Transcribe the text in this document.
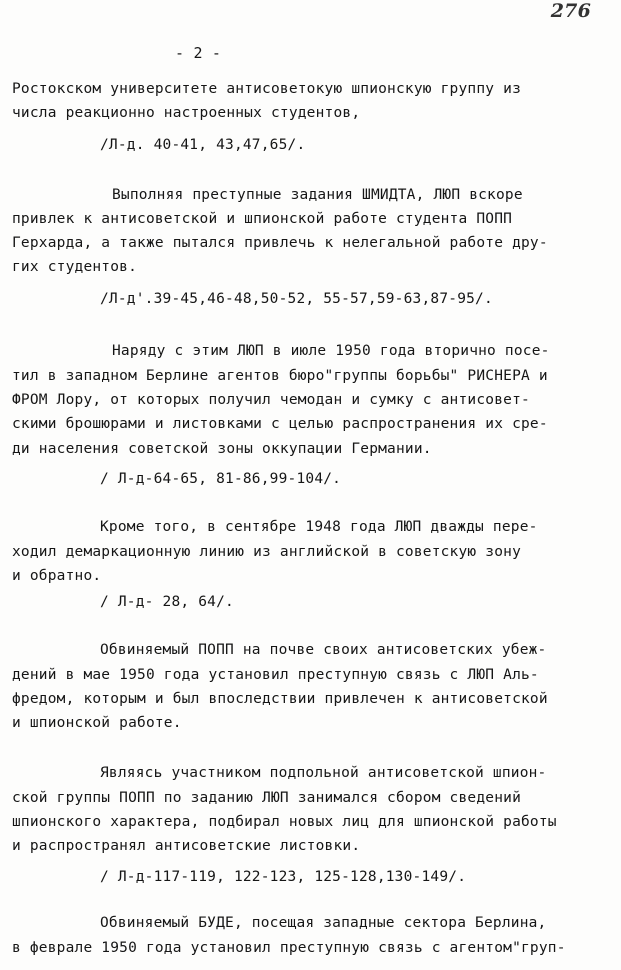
276
- 2 -
Ростокском университете антисоветокую шпионскую группу из
числа реакционно настроенных студентов,
/Л-д. 40-41, 43,47,65/.
Выполняя преступные задания ШМИДТА, ЛЮП вскоре
привлек к антисоветской и шпионской работе студента ПОПП
Герхарда, а также пытался привлечь к нелегальной работе дру-
гих студентов.
/Л-д'.39-45,46-48,50-52, 55-57,59-63,87-95/.
Наряду с этим ЛЮП в июле 1950 года вторично посе-
тил в западном Берлине агентов бюро"группы борьбы" РИСНЕРА и
ФРОМ Лору, от которых получил чемодан и сумку с антисовет-
скими брошюрами и листовками с целью распространения их сре-
ди населения советской зоны оккупации Германии.
/ Л-д-64-65, 81-86,99-104/.
Кроме того, в сентябре 1948 года ЛЮП дважды пере-
ходил демаркационную линию из английской в советскую зону
и обратно.
/ Л-д- 28, 64/.
Обвиняемый ПОПП на почве своих антисоветских убеж-
дений в мае 1950 года установил преступную связь с ЛЮП Аль-
фредом, которым и был впоследствии привлечен к антисоветской
и шпионской работе.
Являясь участником подпольной антисоветской шпион-
ской группы ПОПП по заданию ЛЮП занимался сбором сведений
шпионского характера, подбирал новых лиц для шпионской работы
и распространял антисоветские листовки.
/ Л-д-117-119, 122-123, 125-128,130-149/.
Обвиняемый БУДЕ, посещая западные сектора Берлина,
в феврале 1950 года установил преступную связь с агентом"груп-
